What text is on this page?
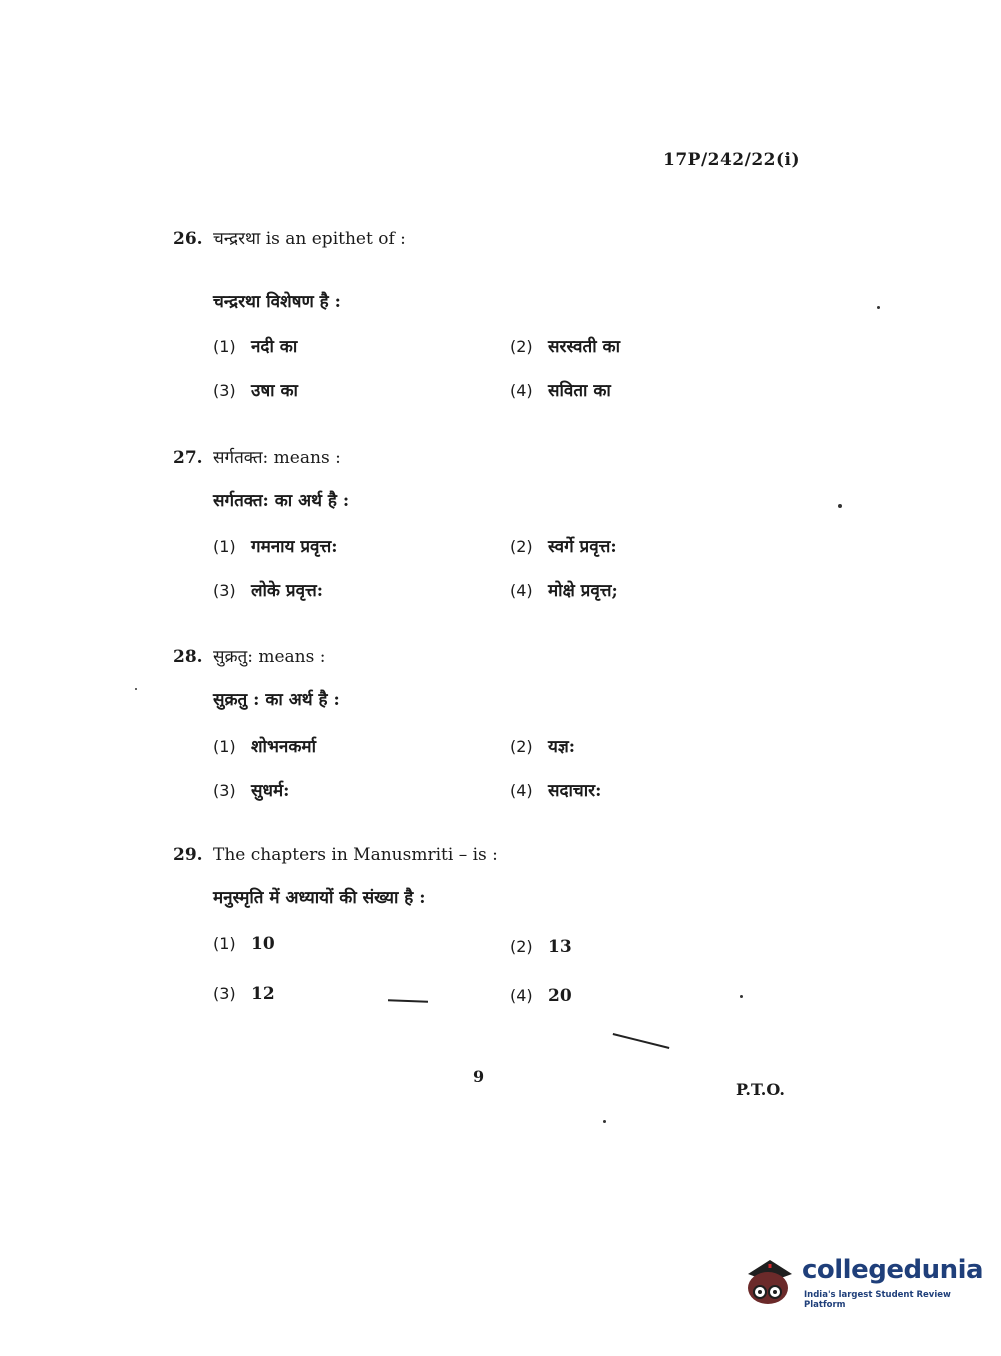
17P/242/22(i)
26. चन्द्ररथा is an epithet of :
चन्द्ररथा विशेषण है :
(1) नदी का	(2) सरस्वती का
(3) उषा का	(4) सविता का
27. सर्गतक्त: means :
सर्गतक्त: का अर्थ है :
(1) गमनाय प्रवृत्त:	(2) स्वर्गे प्रवृत्त:
(3) लोके प्रवृत्त:	(4) मोक्षे प्रवृत्त;
28. सुक्रतु: means :
सुक्रतु : का अर्थ है :
(1) शोभनकर्मा	(2) यज्ञ:
(3) सुधर्म:	(4) सदाचार:
29. The chapters in Manusmriti – is :
मनुस्मृति में अध्यायों की संख्या है :
(1) 10	(2) 13
(3) 12	(4) 20
9
P.T.O.
collegedunia
India's largest Student Review Platform
